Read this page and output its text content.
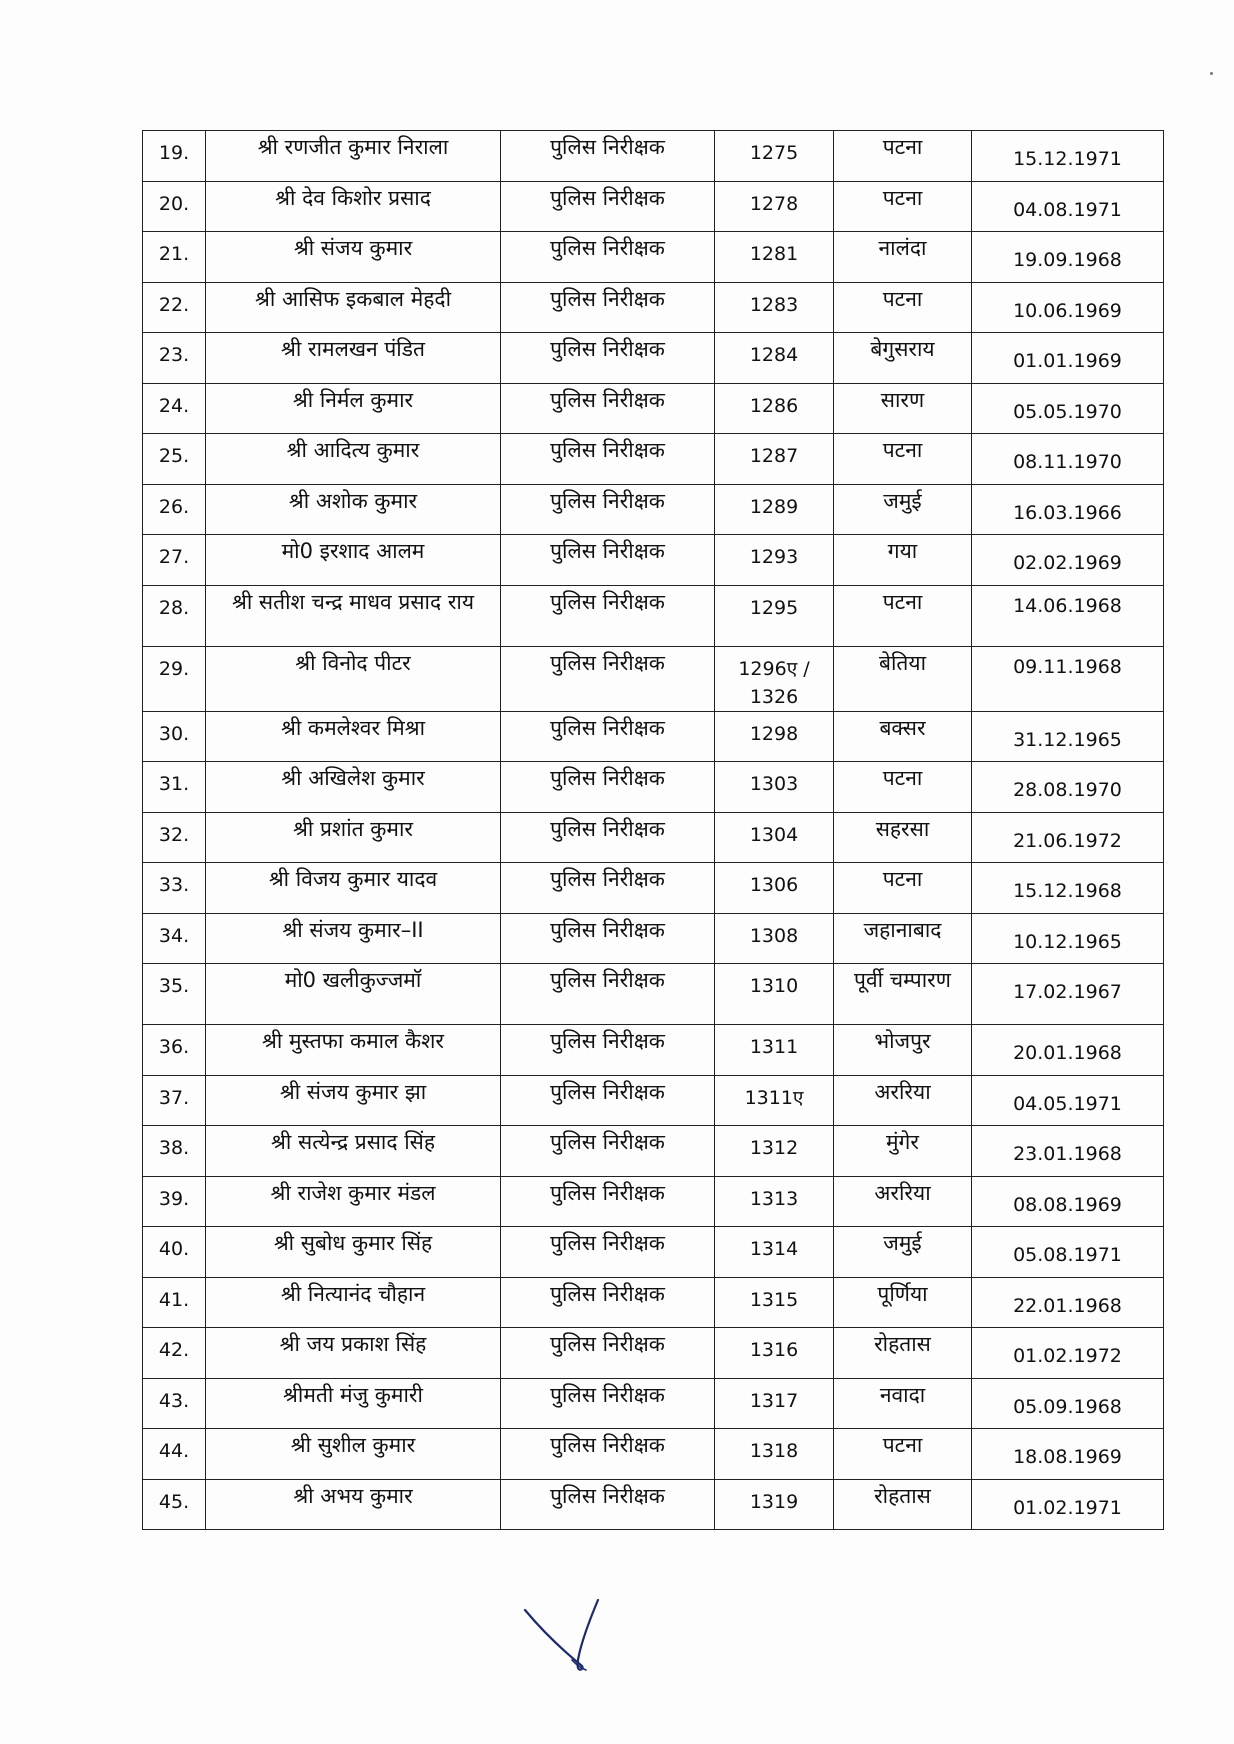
19.	श्री रणजीत कुमार निराला	पुलिस निरीक्षक	1275	पटना	15.12.1971
20.	श्री देव किशोर प्रसाद	पुलिस निरीक्षक	1278	पटना	04.08.1971
21.	श्री संजय कुमार	पुलिस निरीक्षक	1281	नालंदा	19.09.1968
22.	श्री आसिफ इकबाल मेहदी	पुलिस निरीक्षक	1283	पटना	10.06.1969
23.	श्री रामलखन पंडित	पुलिस निरीक्षक	1284	बेगुसराय	01.01.1969
24.	श्री निर्मल कुमार	पुलिस निरीक्षक	1286	सारण	05.05.1970
25.	श्री आदित्य कुमार	पुलिस निरीक्षक	1287	पटना	08.11.1970
26.	श्री अशोक कुमार	पुलिस निरीक्षक	1289	जमुई	16.03.1966
27.	मो0 इरशाद आलम	पुलिस निरीक्षक	1293	गया	02.02.1969
28.	श्री सतीश चन्द्र माधव प्रसाद राय	पुलिस निरीक्षक	1295	पटना	14.06.1968
29.	श्री विनोद पीटर	पुलिस निरीक्षक	1296ए / 1326	बेतिया	09.11.1968
30.	श्री कमलेश्वर मिश्रा	पुलिस निरीक्षक	1298	बक्सर	31.12.1965
31.	श्री अखिलेश कुमार	पुलिस निरीक्षक	1303	पटना	28.08.1970
32.	श्री प्रशांत कुमार	पुलिस निरीक्षक	1304	सहरसा	21.06.1972
33.	श्री विजय कुमार यादव	पुलिस निरीक्षक	1306	पटना	15.12.1968
34.	श्री संजय कुमार–II	पुलिस निरीक्षक	1308	जहानाबाद	10.12.1965
35.	मो0 खलीकुज्जमॉ	पुलिस निरीक्षक	1310	पूर्वी चम्पारण	17.02.1967
36.	श्री मुस्तफा कमाल कैशर	पुलिस निरीक्षक	1311	भोजपुर	20.01.1968
37.	श्री संजय कुमार झा	पुलिस निरीक्षक	1311ए	अररिया	04.05.1971
38.	श्री सत्येन्द्र प्रसाद सिंह	पुलिस निरीक्षक	1312	मुंगेर	23.01.1968
39.	श्री राजेश कुमार मंडल	पुलिस निरीक्षक	1313	अररिया	08.08.1969
40.	श्री सुबोध कुमार सिंह	पुलिस निरीक्षक	1314	जमुई	05.08.1971
41.	श्री नित्यानंद चौहान	पुलिस निरीक्षक	1315	पूर्णिया	22.01.1968
42.	श्री जय प्रकाश सिंह	पुलिस निरीक्षक	1316	रोहतास	01.02.1972
43.	श्रीमती मंजु कुमारी	पुलिस निरीक्षक	1317	नवादा	05.09.1968
44.	श्री सुशील कुमार	पुलिस निरीक्षक	1318	पटना	18.08.1969
45.	श्री अभय कुमार	पुलिस निरीक्षक	1319	रोहतास	01.02.1971
